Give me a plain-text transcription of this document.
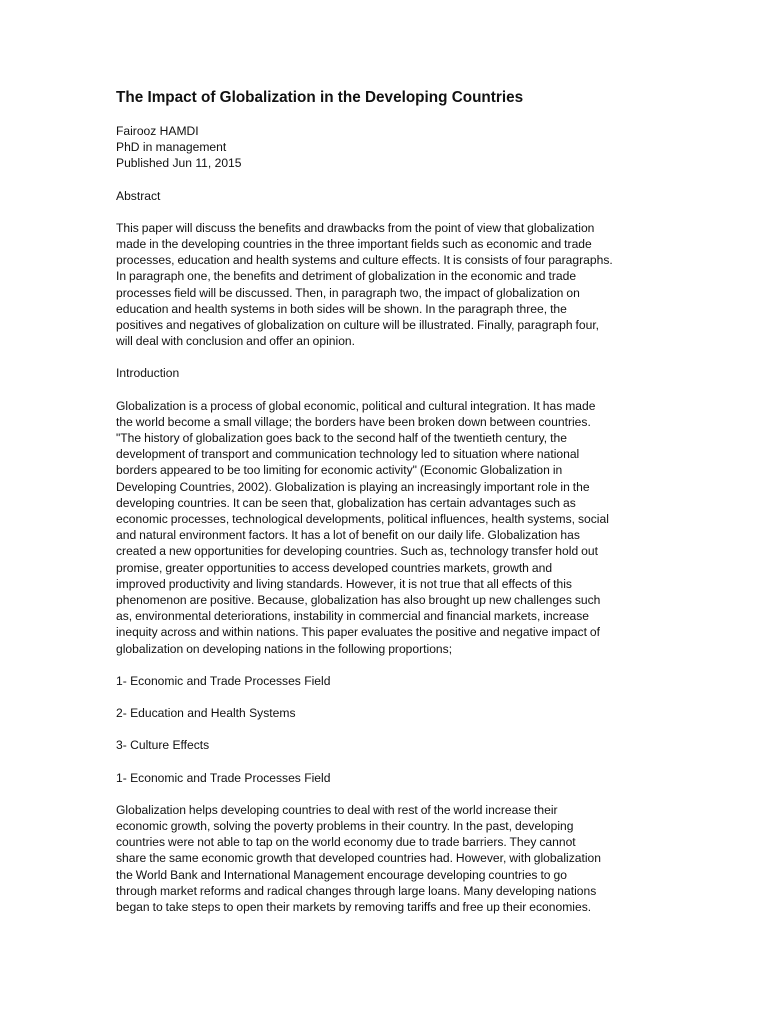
The Impact of Globalization in the Developing Countries
Fairooz HAMDI
PhD in management
Published Jun 11, 2015
Abstract
This paper will discuss the benefits and drawbacks from the point of view that globalization
made in the developing countries in the three important fields such as economic and trade
processes, education and health systems and culture effects. It is consists of four paragraphs.
In paragraph one, the benefits and detriment of globalization in the economic and trade
processes field will be discussed. Then, in paragraph two, the impact of globalization on
education and health systems in both sides will be shown. In the paragraph three, the
positives and negatives of globalization on culture will be illustrated. Finally, paragraph four,
will deal with conclusion and offer an opinion.
Introduction
Globalization is a process of global economic, political and cultural integration. It has made
the world become a small village; the borders have been broken down between countries.
"The history of globalization goes back to the second half of the twentieth century, the
development of transport and communication technology led to situation where national
borders appeared to be too limiting for economic activity" (Economic Globalization in
Developing Countries, 2002). Globalization is playing an increasingly important role in the
developing countries. It can be seen that, globalization has certain advantages such as
economic processes, technological developments, political influences, health systems, social
and natural environment factors. It has a lot of benefit on our daily life. Globalization has
created a new opportunities for developing countries. Such as, technology transfer hold out
promise, greater opportunities to access developed countries markets, growth and
improved productivity and living standards. However, it is not true that all effects of this
phenomenon are positive. Because, globalization has also brought up new challenges such
as, environmental deteriorations, instability in commercial and financial markets, increase
inequity across and within nations. This paper evaluates the positive and negative impact of
globalization on developing nations in the following proportions;
1- Economic and Trade Processes Field
2- Education and Health Systems
3- Culture Effects
1- Economic and Trade Processes Field
Globalization helps developing countries to deal with rest of the world increase their
economic growth, solving the poverty problems in their country. In the past, developing
countries were not able to tap on the world economy due to trade barriers. They cannot
share the same economic growth that developed countries had. However, with globalization
the World Bank and International Management encourage developing countries to go
through market reforms and radical changes through large loans. Many developing nations
began to take steps to open their markets by removing tariffs and free up their economies.
